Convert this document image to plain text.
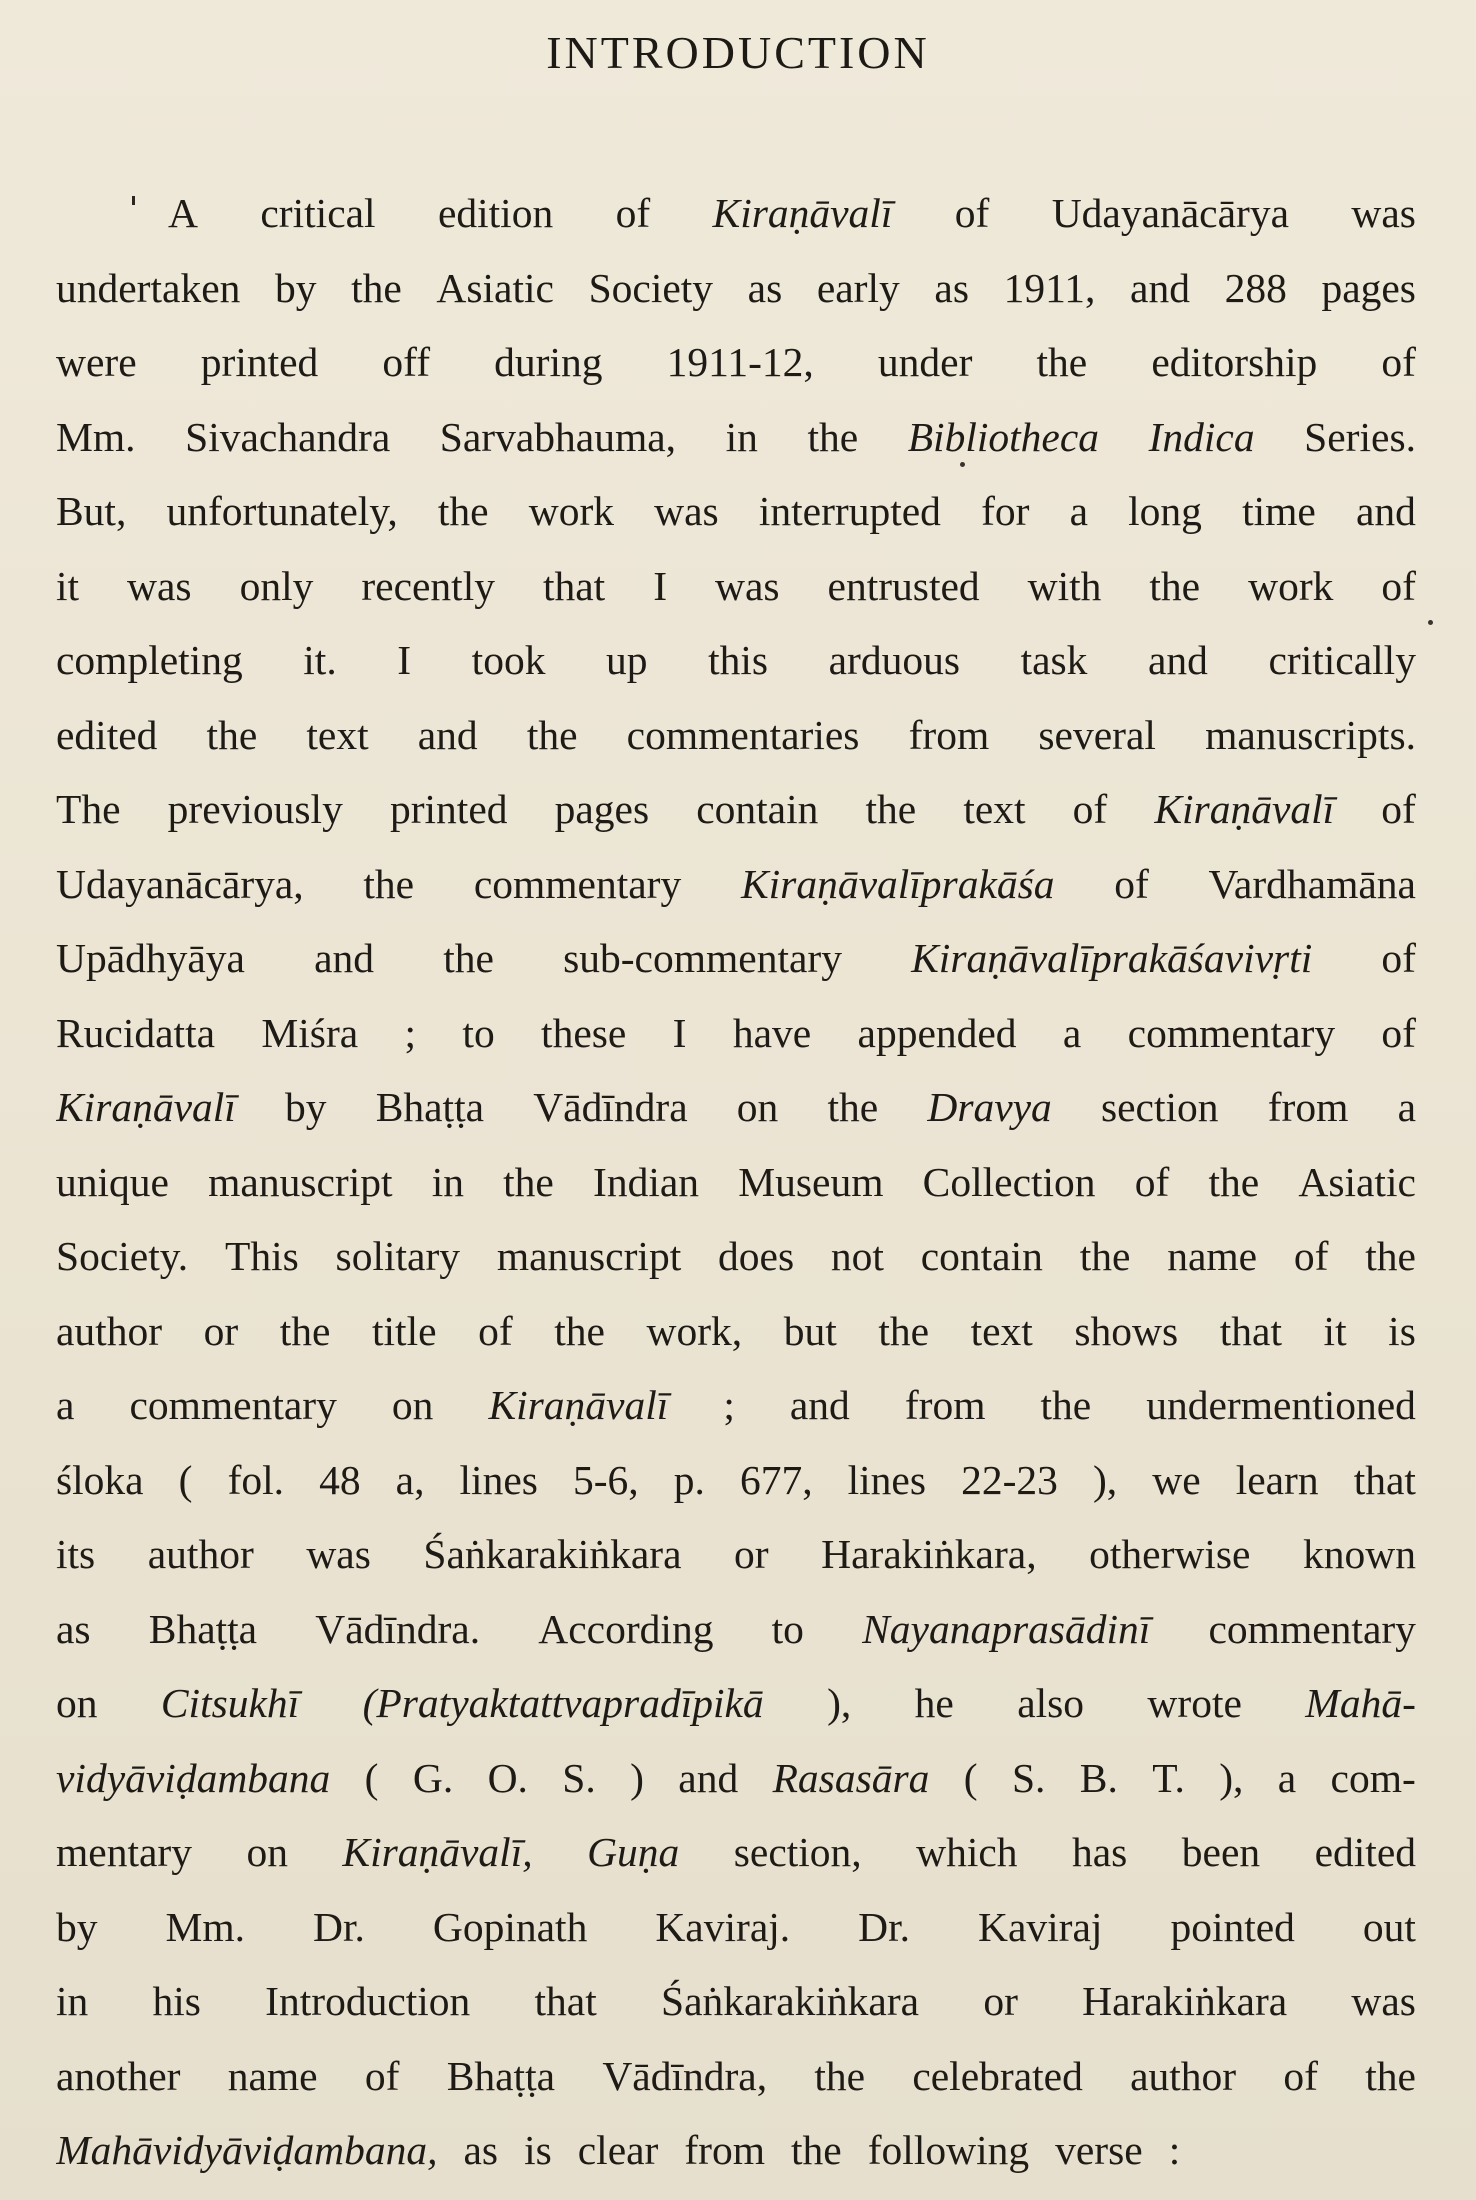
INTRODUCTION
A critical edition of Kiraṇāvalī of Udayanācārya was
undertaken by the Asiatic Society as early as 1911, and 288 pages
were printed off during 1911-12, under the editorship of
Mm. Sivachandra Sarvabhauma, in the Bibliotheca Indica Series.
But, unfortunately, the work was interrupted for a long time and
it was only recently that I was entrusted with the work of
completing it. I took up this arduous task and critically
edited the text and the commentaries from several manuscripts.
The previously printed pages contain the text of Kiraṇāvalī of
Udayanācārya, the commentary Kiraṇāvalīprakāśa of Vardhamāna
Upādhyāya and the sub-commentary Kiraṇāvalīprakāśavivṛti of
Rucidatta Miśra ; to these I have appended a commentary of
Kiraṇāvalī by Bhaṭṭa Vādīndra on the Dravya section from a
unique manuscript in the Indian Museum Collection of the Asiatic
Society. This solitary manuscript does not contain the name of the
author or the title of the work, but the text shows that it is
a commentary on Kiraṇāvalī ; and from the undermentioned
śloka ( fol. 48 a, lines 5-6, p. 677, lines 22-23 ), we learn that
its author was Śaṅkarakiṅkara or Harakiṅkara, otherwise known
as Bhaṭṭa Vādīndra. According to Nayanaprasādinī commentary
on Citsukhī (Pratyaktattvapradīpikā ), he also wrote Mahā-
vidyāviḍambana ( G. O. S. ) and Rasasāra ( S. B. T. ), a com-
mentary on Kiraṇāvalī, Guṇa section, which has been edited
by Mm. Dr. Gopinath Kaviraj. Dr. Kaviraj pointed out
in his Introduction that Śaṅkarakiṅkara or Harakiṅkara was
another name of Bhaṭṭa Vādīndra, the celebrated author of the
Mahāvidyāviḍambana, as is clear from the following verse :
